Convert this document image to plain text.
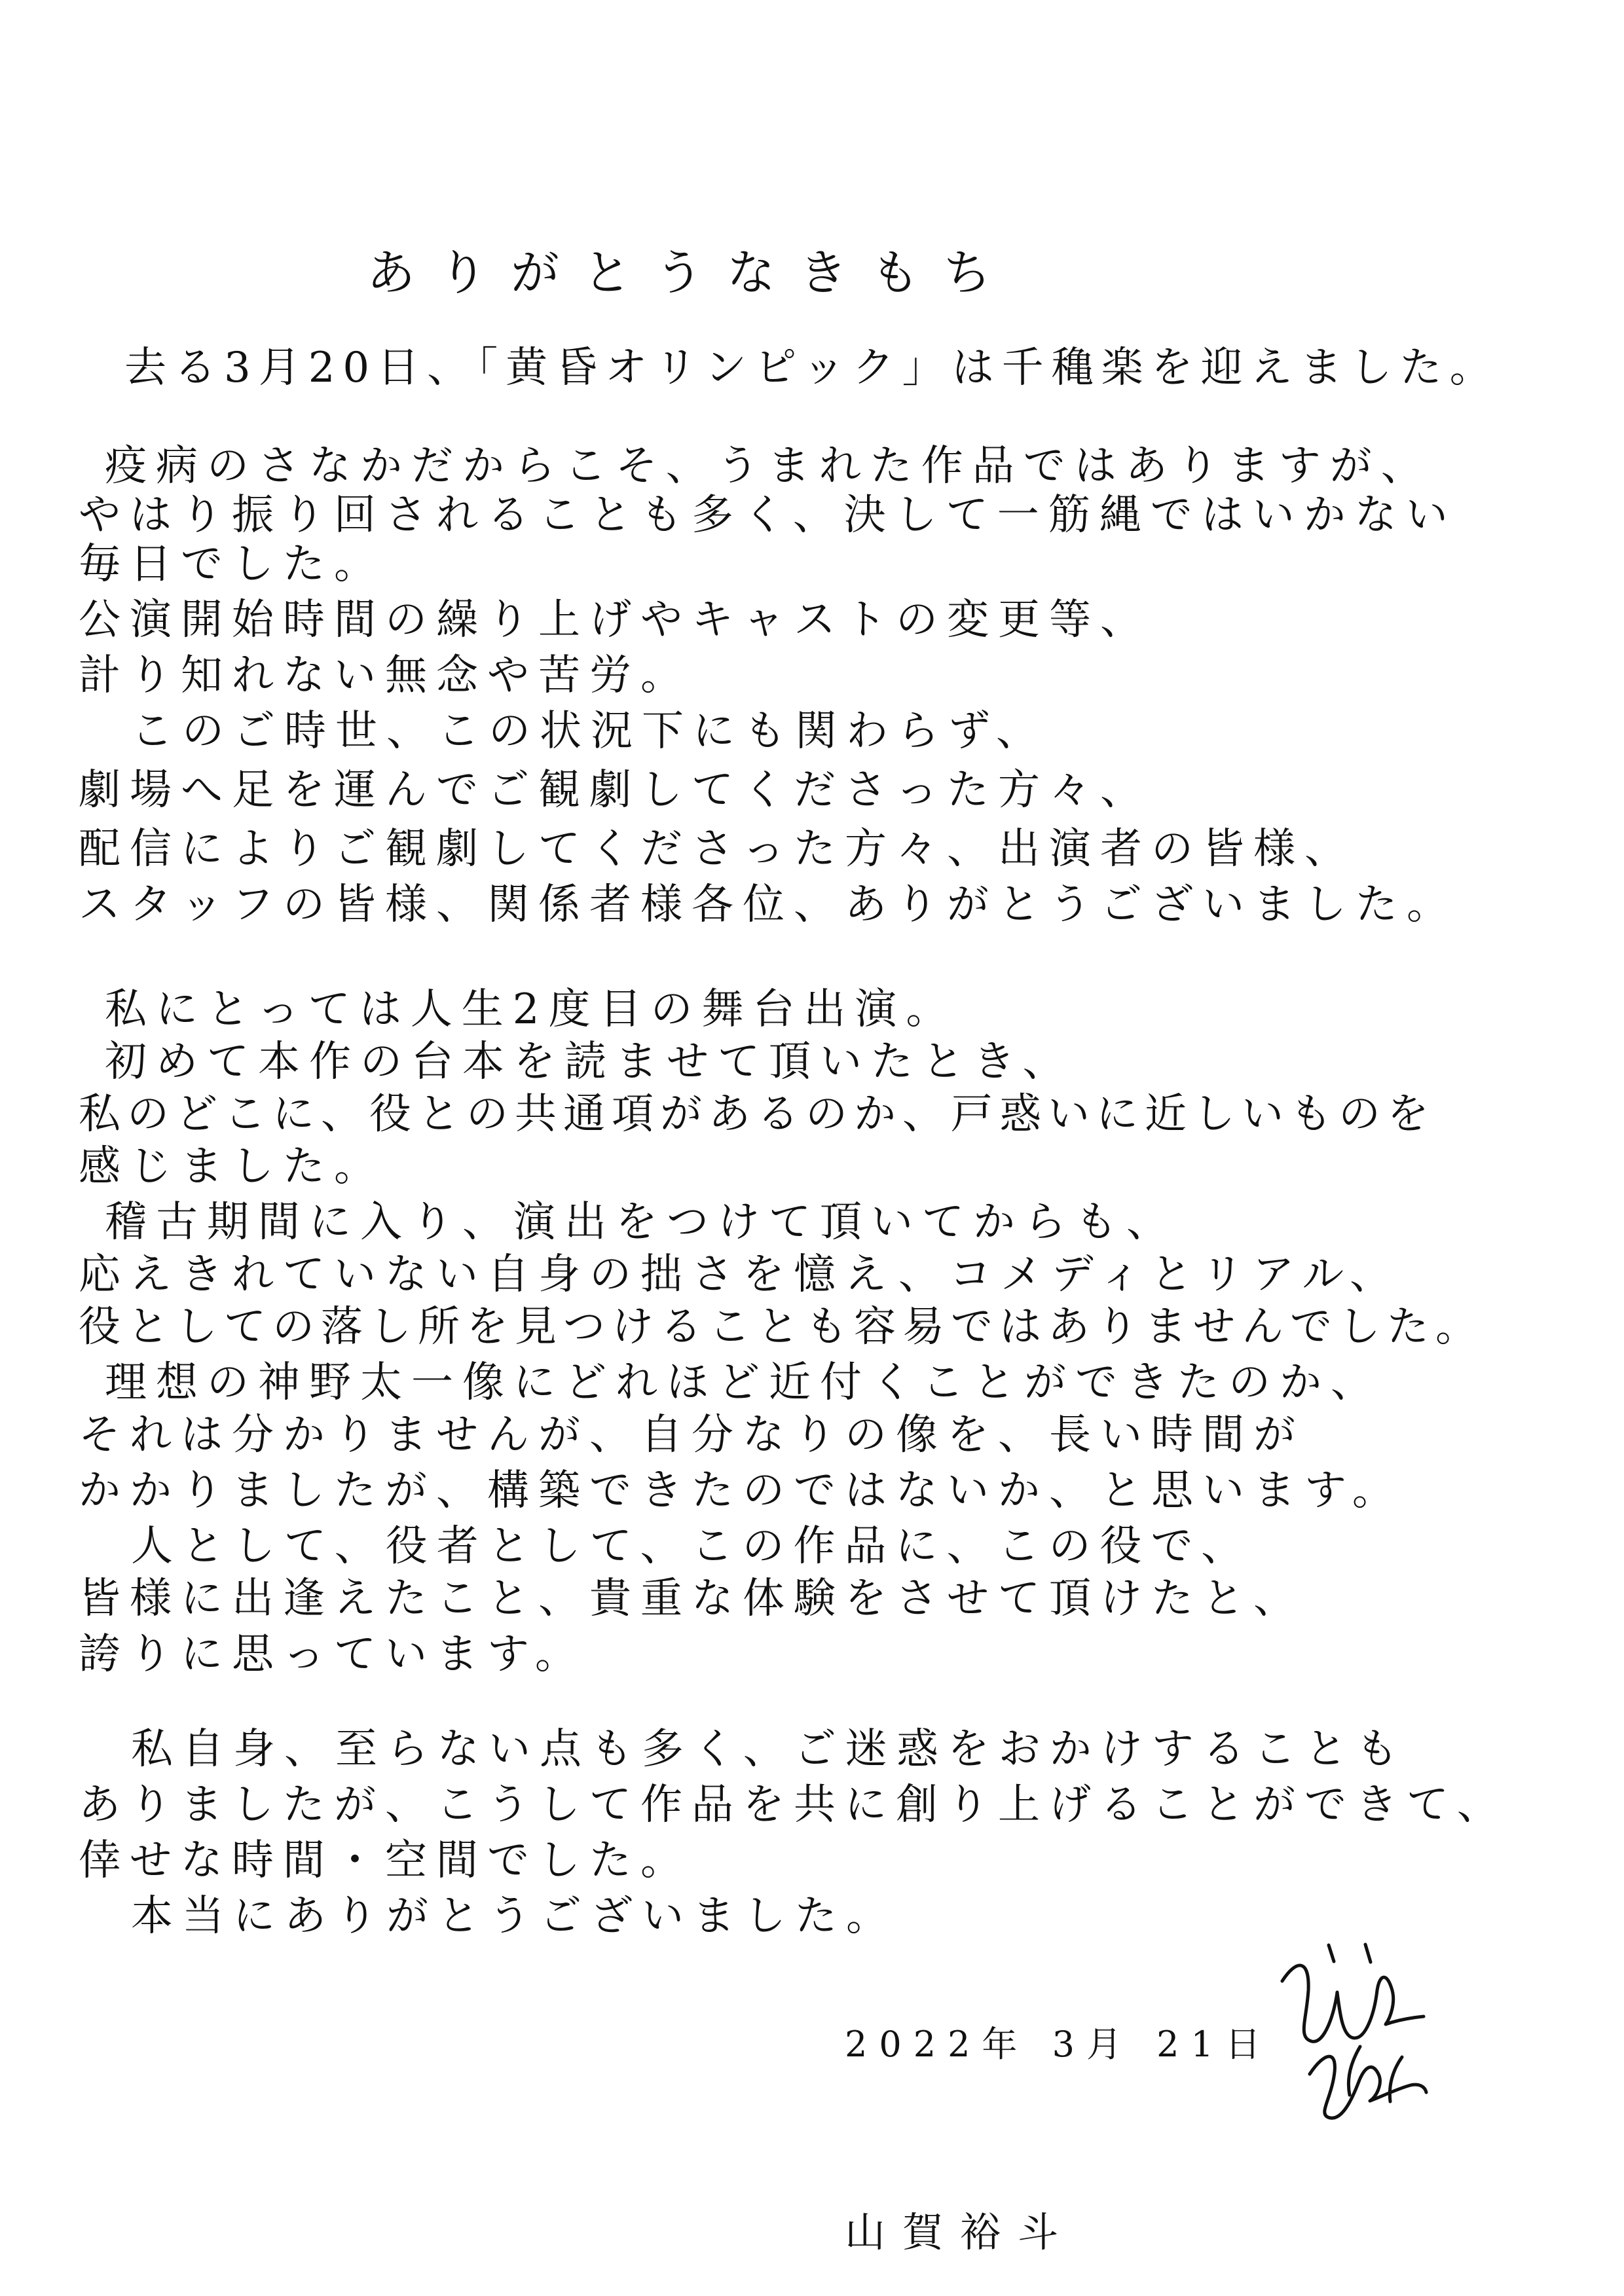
ありがとうなきもち
去る3月20日、「黄昏オリンピック」は千穐楽を迎えました。
疫病のさなかだからこそ、うまれた作品ではありますが、
やはり振り回されることも多く、決して一筋縄ではいかない
毎日でした。
公演開始時間の繰り上げやキャストの変更等、
計り知れない無念や苦労。
このご時世、この状況下にも関わらず、
劇場へ足を運んでご観劇してくださった方々、
配信によりご観劇してくださった方々、出演者の皆様、
スタッフの皆様、関係者様各位、ありがとうございました。
私にとっては人生2度目の舞台出演。
初めて本作の台本を読ませて頂いたとき、
私のどこに、役との共通項があるのか、戸惑いに近しいものを
感じました。
稽古期間に入り、演出をつけて頂いてからも、
応えきれていない自身の拙さを憶え、コメディとリアル、
役としての落し所を見つけることも容易ではありませんでした。
理想の神野太一像にどれほど近付くことができたのか、
それは分かりませんが、自分なりの像を、長い時間が
かかりましたが、構築できたのではないか、と思います。
人として、役者として、この作品に、この役で、
皆様に出逢えたこと、貴重な体験をさせて頂けたと、
誇りに思っています。
私自身、至らない点も多く、ご迷惑をおかけすることも
ありましたが、こうして作品を共に創り上げることができて、
倖せな時間・空間でした。
本当にありがとうございました。
2022年 3月 21日
山賀裕斗
